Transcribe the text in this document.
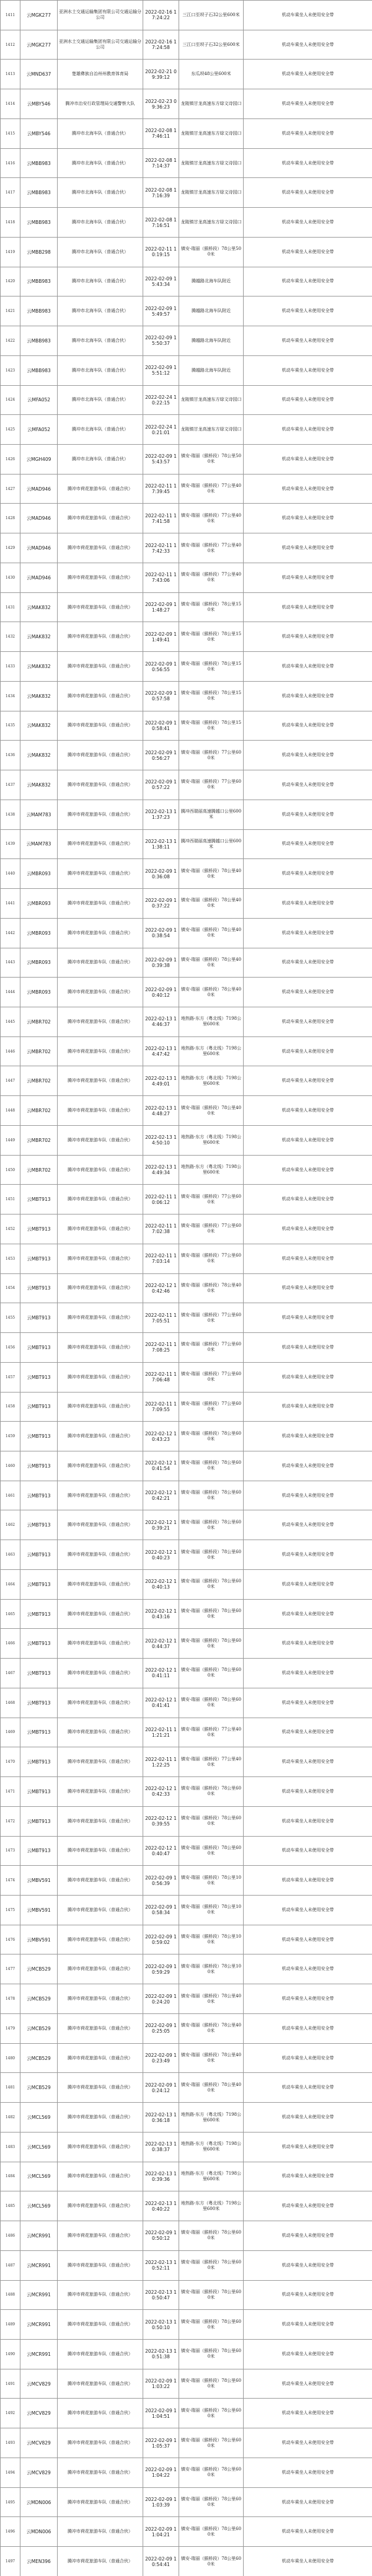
1411	云MGK277	亚洲水土交通运输集团有限公司交通运输分公司	2022-02-16 17:24:22	三江口至坝子石32公里600米	机动车乘坐人未使用安全带
1412	云MGK277	亚洲水土交通运输集团有限公司交通运输分公司	2022-02-16 17:24:58	三江口至坝子石32公里600米	机动车乘坐人未使用安全带
1413	云MND637	楚雄彝族自治州州教育体育局	2022-02-21 09:39:12	东瓜坝48公里600米	机动车乘坐人未使用安全带
1414	云MBY546	腾冲市治安行政管理局交通警察大队	2022-02-23 09:36:23	龙陵镇甘龙高速东方绿文诗园口	机动车乘坐人未使用安全带
1415	云MBY546	腾冲市北海车队（普通合伙）	2022-02-08 17:46:11	龙陵镇甘龙高速东方绿文诗园口	机动车乘坐人未使用安全带
1416	云MBB983	腾冲市北海车队（普通合伙）	2022-02-08 17:14:37	龙陵镇甘龙高速东方绿文诗园口	机动车乘坐人未使用安全带
1417	云MBB983	腾冲市北海车队（普通合伙）	2022-02-08 17:16:39	龙陵镇甘龙高速东方绿文诗园口	机动车乘坐人未使用安全带
1418	云MBB983	腾冲市北海车队（普通合伙）	2022-02-08 17:16:51	龙陵镇甘龙高速东方绿文诗园口	机动车乘坐人未使用安全带
1419	云MBB298	腾冲市北海车队（普通合伙）	2022-02-11 10:19:15	镇安-瑞丽（猴桥段）78公里500米	机动车乘坐人未使用安全带
1420	云MBB983	腾冲市北海车队（普通合伙）	2022-02-09 15:43:34	腾越路北海车队附近	机动车乘坐人未使用安全带
1421	云MBB983	腾冲市北海车队（普通合伙）	2022-02-09 15:49:57	腾越路北海车队附近	机动车乘坐人未使用安全带
1422	云MBB983	腾冲市北海车队（普通合伙）	2022-02-09 15:50:37	腾越路北海车队附近	机动车乘坐人未使用安全带
1423	云MBB983	腾冲市北海车队（普通合伙）	2022-02-09 15:51:12	腾越路北海车队附近	机动车乘坐人未使用安全带
1424	云MFA052	腾冲市北海车队（普通合伙）	2022-02-24 10:22:15	龙陵镇甘龙高速东方绿文诗园口	机动车乘坐人未使用安全带
1425	云MFA052	腾冲市北海车队（普通合伙）	2022-02-24 10:21:01	龙陵镇甘龙高速东方绿文诗园口	机动车乘坐人未使用安全带
1426	云MGH409	腾冲市北海车队（普通合伙）	2022-02-09 15:43:57	镇安-瑞丽（猴桥段）78公里500米	机动车乘坐人未使用安全带
1427	云MAD946	腾冲市荷花旅游车队（普通合伙）	2022-02-11 17:39:45	镇安-瑞丽（猴桥段）77公里400米	机动车乘坐人未使用安全带
1428	云MAD946	腾冲市荷花旅游车队（普通合伙）	2022-02-11 17:41:58	镇安-瑞丽（猴桥段）77公里400米	机动车乘坐人未使用安全带
1429	云MAD946	腾冲市荷花旅游车队（普通合伙）	2022-02-11 17:42:33	镇安-瑞丽（猴桥段）77公里400米	机动车乘坐人未使用安全带
1430	云MAD946	腾冲市荷花旅游车队（普通合伙）	2022-02-11 17:43:06	镇安-瑞丽（猴桥段）77公里400米	机动车乘坐人未使用安全带
1431	云MAK832	腾冲市荷花旅游车队（普通合伙）	2022-02-09 11:48:27	镇安-瑞丽（猴桥段）78公里150米	机动车乘坐人未使用安全带
1432	云MAK832	腾冲市荷花旅游车队（普通合伙）	2022-02-09 11:49:41	镇安-瑞丽（猴桥段）78公里150米	机动车乘坐人未使用安全带
1433	云MAK832	腾冲市荷花旅游车队（普通合伙）	2022-02-09 10:56:55	镇安-瑞丽（猴桥段）78公里150米	机动车乘坐人未使用安全带
1434	云MAK832	腾冲市荷花旅游车队（普通合伙）	2022-02-09 10:57:58	镇安-瑞丽（猴桥段）78公里150米	机动车乘坐人未使用安全带
1435	云MAK832	腾冲市荷花旅游车队（普通合伙）	2022-02-09 10:58:41	镇安-瑞丽（猴桥段）78公里150米	机动车乘坐人未使用安全带
1436	云MAK832	腾冲市荷花旅游车队（普通合伙）	2022-02-09 10:56:27	镇安-瑞丽（猴桥段）77公里600米	机动车乘坐人未使用安全带
1437	云MAK832	腾冲市荷花旅游车队（普通合伙）	2022-02-09 10:57:22	镇安-瑞丽（猴桥段）77公里600米	机动车乘坐人未使用安全带
1438	云MAM783	腾冲市荷花旅游车队（普通合伙）	2022-02-13 11:37:23	腾冲西瑞丽高速腾越口公里600米	机动车乘坐人未使用安全带
1439	云MAM783	腾冲市荷花旅游车队（普通合伙）	2022-02-13 11:38:11	腾冲西瑞丽高速腾越口公里600米	机动车乘坐人未使用安全带
1440	云MBR093	腾冲市荷花旅游车队（普通合伙）	2022-02-09 10:36:08	镇安-瑞丽（猴桥段）78公里400米	机动车乘坐人未使用安全带
1441	云MBR093	腾冲市荷花旅游车队（普通合伙）	2022-02-09 10:37:22	镇安-瑞丽（猴桥段）78公里400米	机动车乘坐人未使用安全带
1442	云MBR093	腾冲市荷花旅游车队（普通合伙）	2022-02-09 10:38:54	镇安-瑞丽（猴桥段）78公里400米	机动车乘坐人未使用安全带
1443	云MBR093	腾冲市荷花旅游车队（普通合伙）	2022-02-09 10:39:38	镇安-瑞丽（猴桥段）78公里400米	机动车乘坐人未使用安全带
1444	云MBR093	腾冲市荷花旅游车队（普通合伙）	2022-02-09 10:40:12	镇安-瑞丽（猴桥段）78公里400米	机动车乘坐人未使用安全带
1445	云MBR702	腾冲市荷花旅游车队（普通合伙）	2022-02-13 14:46:37	地热路-东方（粤北线）7198公里600米	机动车乘坐人未使用安全带
1446	云MBR702	腾冲市荷花旅游车队（普通合伙）	2022-02-13 14:47:42	地热路-东方（粤北线）7198公里600米	机动车乘坐人未使用安全带
1447	云MBR702	腾冲市荷花旅游车队（普通合伙）	2022-02-13 14:49:01	地热路-东方（粤北线）7198公里600米	机动车乘坐人未使用安全带
1448	云MBR702	腾冲市荷花旅游车队（普通合伙）	2022-02-13 14:48:27	镇安-瑞丽（猴桥段）78公里400米	机动车乘坐人未使用安全带
1449	云MBR702	腾冲市荷花旅游车队（普通合伙）	2022-02-13 14:50:10	地热路-东方（粤北线）7198公里600米	机动车乘坐人未使用安全带
1450	云MBR702	腾冲市荷花旅游车队（普通合伙）	2022-02-13 14:49:34	地热路-东方（粤北线）7198公里600米	机动车乘坐人未使用安全带
1451	云MBT913	腾冲市荷花旅游车队（普通合伙）	2022-02-11 10:06:12	镇安-瑞丽（猴桥段）77公里600米	机动车乘坐人未使用安全带
1452	云MBT913	腾冲市荷花旅游车队（普通合伙）	2022-02-11 17:02:38	镇安-瑞丽（猴桥段）77公里600米	机动车乘坐人未使用安全带
1453	云MBT913	腾冲市荷花旅游车队（普通合伙）	2022-02-11 17:03:14	镇安-瑞丽（猴桥段）77公里600米	机动车乘坐人未使用安全带
1454	云MBT913	腾冲市荷花旅游车队（普通合伙）	2022-02-12 10:42:46	镇安-瑞丽（猴桥段）78公里400米	机动车乘坐人未使用安全带
1455	云MBT913	腾冲市荷花旅游车队（普通合伙）	2022-02-11 17:05:51	镇安-瑞丽（猴桥段）77公里600米	机动车乘坐人未使用安全带
1456	云MBT913	腾冲市荷花旅游车队（普通合伙）	2022-02-11 17:08:25	镇安-瑞丽（猴桥段）77公里600米	机动车乘坐人未使用安全带
1457	云MBT913	腾冲市荷花旅游车队（普通合伙）	2022-02-11 17:06:48	镇安-瑞丽（猴桥段）77公里600米	机动车乘坐人未使用安全带
1458	云MBT913	腾冲市荷花旅游车队（普通合伙）	2022-02-11 17:09:55	镇安-瑞丽（猴桥段）77公里600米	机动车乘坐人未使用安全带
1459	云MBT913	腾冲市荷花旅游车队（普通合伙）	2022-02-12 10:43:23	镇安-瑞丽（猴桥段）78公里600米	机动车乘坐人未使用安全带
1460	云MBT913	腾冲市荷花旅游车队（普通合伙）	2022-02-12 10:41:54	镇安-瑞丽（猴桥段）78公里600米	机动车乘坐人未使用安全带
1461	云MBT913	腾冲市荷花旅游车队（普通合伙）	2022-02-12 10:42:21	镇安-瑞丽（猴桥段）78公里600米	机动车乘坐人未使用安全带
1462	云MBT913	腾冲市荷花旅游车队（普通合伙）	2022-02-12 10:39:21	镇安-瑞丽（猴桥段）78公里600米	机动车乘坐人未使用安全带
1463	云MBT913	腾冲市荷花旅游车队（普通合伙）	2022-02-12 10:40:23	镇安-瑞丽（猴桥段）78公里600米	机动车乘坐人未使用安全带
1464	云MBT913	腾冲市荷花旅游车队（普通合伙）	2022-02-12 10:40:13	镇安-瑞丽（猴桥段）78公里600米	机动车乘坐人未使用安全带
1465	云MBT913	腾冲市荷花旅游车队（普通合伙）	2022-02-12 10:43:16	镇安-瑞丽（猴桥段）78公里600米	机动车乘坐人未使用安全带
1466	云MBT913	腾冲市荷花旅游车队（普通合伙）	2022-02-12 10:44:37	镇安-瑞丽（猴桥段）78公里600米	机动车乘坐人未使用安全带
1467	云MBT913	腾冲市荷花旅游车队（普通合伙）	2022-02-12 10:41:11	镇安-瑞丽（猴桥段）78公里600米	机动车乘坐人未使用安全带
1468	云MBT913	腾冲市荷花旅游车队（普通合伙）	2022-02-12 10:41:41	镇安-瑞丽（猴桥段）78公里600米	机动车乘坐人未使用安全带
1469	云MBT913	腾冲市荷花旅游车队（普通合伙）	2022-02-11 11:21:21	镇安-瑞丽（猴桥段）77公里400米	机动车乘坐人未使用安全带
1470	云MBT913	腾冲市荷花旅游车队（普通合伙）	2022-02-11 11:22:25	镇安-瑞丽（猴桥段）77公里400米	机动车乘坐人未使用安全带
1471	云MBT913	腾冲市荷花旅游车队（普通合伙）	2022-02-12 10:42:33	镇安-瑞丽（猴桥段）78公里600米	机动车乘坐人未使用安全带
1472	云MBT913	腾冲市荷花旅游车队（普通合伙）	2022-02-12 10:39:55	镇安-瑞丽（猴桥段）78公里600米	机动车乘坐人未使用安全带
1473	云MBT913	腾冲市荷花旅游车队（普通合伙）	2022-02-12 10:40:47	镇安-瑞丽（猴桥段）78公里600米	机动车乘坐人未使用安全带
1474	云MBV591	腾冲市荷花旅游车队（普通合伙）	2022-02-09 10:56:39	镇安-瑞丽（猴桥段）78公里100米	机动车乘坐人未使用安全带
1475	云MBV591	腾冲市荷花旅游车队（普通合伙）	2022-02-09 10:58:34	镇安-瑞丽（猴桥段）78公里100米	机动车乘坐人未使用安全带
1476	云MBV591	腾冲市荷花旅游车队（普通合伙）	2022-02-09 10:59:02	镇安-瑞丽（猴桥段）78公里100米	机动车乘坐人未使用安全带
1477	云MCB529	腾冲市荷花旅游车队（普通合伙）	2022-02-09 10:59:29	镇安-瑞丽（猴桥段）78公里100米	机动车乘坐人未使用安全带
1478	云MCB529	腾冲市荷花旅游车队（普通合伙）	2022-02-09 10:24:20	镇安-瑞丽（猴桥段）78公里400米	机动车乘坐人未使用安全带
1479	云MCB529	腾冲市荷花旅游车队（普通合伙）	2022-02-09 10:25:05	镇安-瑞丽（猴桥段）78公里400米	机动车乘坐人未使用安全带
1480	云MCB529	腾冲市荷花旅游车队（普通合伙）	2022-02-09 10:23:49	镇安-瑞丽（猴桥段）78公里400米	机动车乘坐人未使用安全带
1481	云MCB529	腾冲市荷花旅游车队（普通合伙）	2022-02-09 10:24:12	镇安-瑞丽（猴桥段）78公里400米	机动车乘坐人未使用安全带
1482	云MCL569	腾冲市荷花旅游车队（普通合伙）	2022-02-13 10:36:18	地热路-东方（粤北线）7198公里600米	机动车乘坐人未使用安全带
1483	云MCL569	腾冲市荷花旅游车队（普通合伙）	2022-02-13 10:38:37	地热路-东方（粤北线）7198公里600米	机动车乘坐人未使用安全带
1484	云MCL569	腾冲市荷花旅游车队（普通合伙）	2022-02-13 10:39:36	地热路-东方（粤北线）7198公里600米	机动车乘坐人未使用安全带
1485	云MCL569	腾冲市荷花旅游车队（普通合伙）	2022-02-13 10:40:22	地热路-东方（粤北线）7198公里600米	机动车乘坐人未使用安全带
1486	云MCR991	腾冲市荷花旅游车队（普通合伙）	2022-02-09 10:50:12	镇安-瑞丽（猴桥段）78公里600米	机动车乘坐人未使用安全带
1487	云MCR991	腾冲市荷花旅游车队（普通合伙）	2022-02-13 10:52:11	镇安-瑞丽（猴桥段）78公里600米	机动车乘坐人未使用安全带
1488	云MCR991	腾冲市荷花旅游车队（普通合伙）	2022-02-13 10:50:47	镇安-瑞丽（猴桥段）78公里600米	机动车乘坐人未使用安全带
1489	云MCR991	腾冲市荷花旅游车队（普通合伙）	2022-02-13 10:50:10	镇安-瑞丽（猴桥段）78公里600米	机动车乘坐人未使用安全带
1490	云MCR991	腾冲市荷花旅游车队（普通合伙）	2022-02-13 10:51:38	镇安-瑞丽（猴桥段）78公里600米	机动车乘坐人未使用安全带
1491	云MCV829	腾冲市荷花旅游车队（普通合伙）	2022-02-09 11:03:22	镇安-瑞丽（猴桥段）78公里600米	机动车乘坐人未使用安全带
1492	云MCV829	腾冲市荷花旅游车队（普通合伙）	2022-02-09 11:04:51	镇安-瑞丽（猴桥段）78公里600米	机动车乘坐人未使用安全带
1493	云MCV829	腾冲市荷花旅游车队（普通合伙）	2022-02-09 11:05:37	镇安-瑞丽（猴桥段）78公里600米	机动车乘坐人未使用安全带
1494	云MCV829	腾冲市荷花旅游车队（普通合伙）	2022-02-09 11:04:22	镇安-瑞丽（猴桥段）78公里600米	机动车乘坐人未使用安全带
1495	云MDN006	腾冲市荷花旅游车队（普通合伙）	2022-02-09 11:03:39	镇安-瑞丽（猴桥段）78公里600米	机动车乘坐人未使用安全带
1496	云MDN006	腾冲市荷花旅游车队（普通合伙）	2022-02-09 11:04:21	镇安-瑞丽（猴桥段）78公里600米	机动车乘坐人未使用安全带
1497	云MEN396	腾冲市荷花旅游车队（普通合伙）	2022-02-09 10:54:41	镇安-瑞丽（猴桥段）78公里600米	机动车乘坐人未使用安全带
